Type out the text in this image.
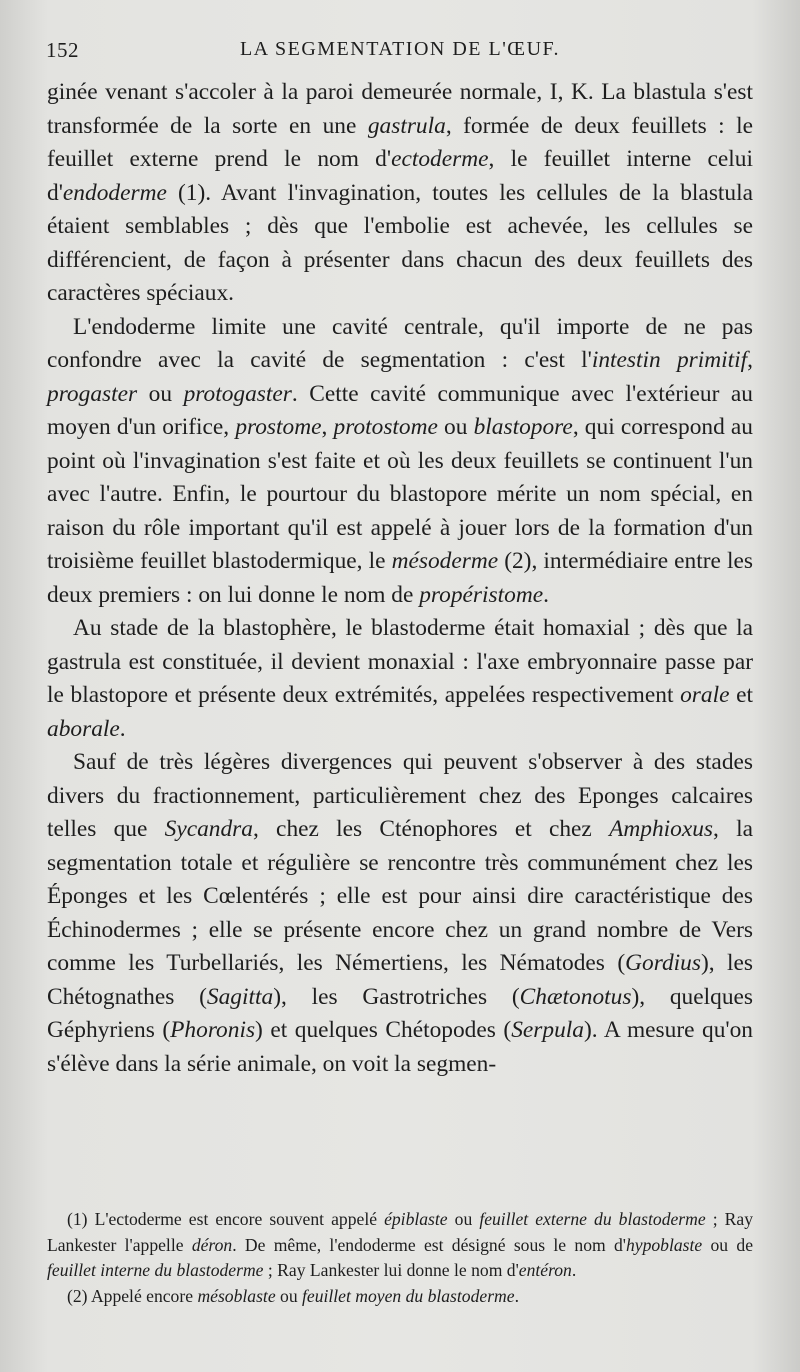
152	LA SEGMENTATION DE L'ŒUF.

ginée venant s'accoler à la paroi demeurée normale, I, K. La blastula s'est transformée de la sorte en une gastrula, formée de deux feuillets : le feuillet externe prend le nom d'ectoderme, le feuillet interne celui d'endoderme (1). Avant l'invagination, toutes les cellules de la blastula étaient semblables ; dès que l'embolie est achevée, les cellules se différencient, de façon à présenter dans chacun des deux feuillets des caractères spéciaux.

L'endoderme limite une cavité centrale, qu'il importe de ne pas confondre avec la cavité de segmentation : c'est l'intestin primitif, progaster ou protogaster. Cette cavité communique avec l'extérieur au moyen d'un orifice, prostome, protostome ou blastopore, qui correspond au point où l'invagination s'est faite et où les deux feuillets se continuent l'un avec l'autre. Enfin, le pourtour du blastopore mérite un nom spécial, en raison du rôle important qu'il est appelé à jouer lors de la formation d'un troisième feuillet blastodermique, le mésoderme (2), intermédiaire entre les deux premiers : on lui donne le nom de propéristome.

Au stade de la blastophère, le blastoderme était homaxial ; dès que la gastrula est constituée, il devient monaxial : l'axe embryonnaire passe par le blastopore et présente deux extrémités, appelées respectivement orale et aborale.

Sauf de très légères divergences qui peuvent s'observer à des stades divers du fractionnement, particulièrement chez des Eponges calcaires telles que Sycandra, chez les Cténophores et chez Amphioxus, la segmentation totale et régulière se rencontre très communément chez les Éponges et les Cœlentérés ; elle est pour ainsi dire caractéristique des Échinodermes ; elle se présente encore chez un grand nombre de Vers comme les Turbellariés, les Némertiens, les Nématodes (Gordius), les Chétognathes (Sagitta), les Gastrotriches (Chætonotus), quelques Géphyriens (Phoronis) et quelques Chétopodes (Serpula). A mesure qu'on s'élève dans la série animale, on voit la segmen-

(1) L'ectoderme est encore souvent appelé épiblaste ou feuillet externe du blastoderme ; Ray Lankester l'appelle déron. De même, l'endoderme est désigné sous le nom d'hypoblaste ou de feuillet interne du blastoderme ; Ray Lankester lui donne le nom d'entéron.

(2) Appelé encore mésoblaste ou feuillet moyen du blastoderme.
